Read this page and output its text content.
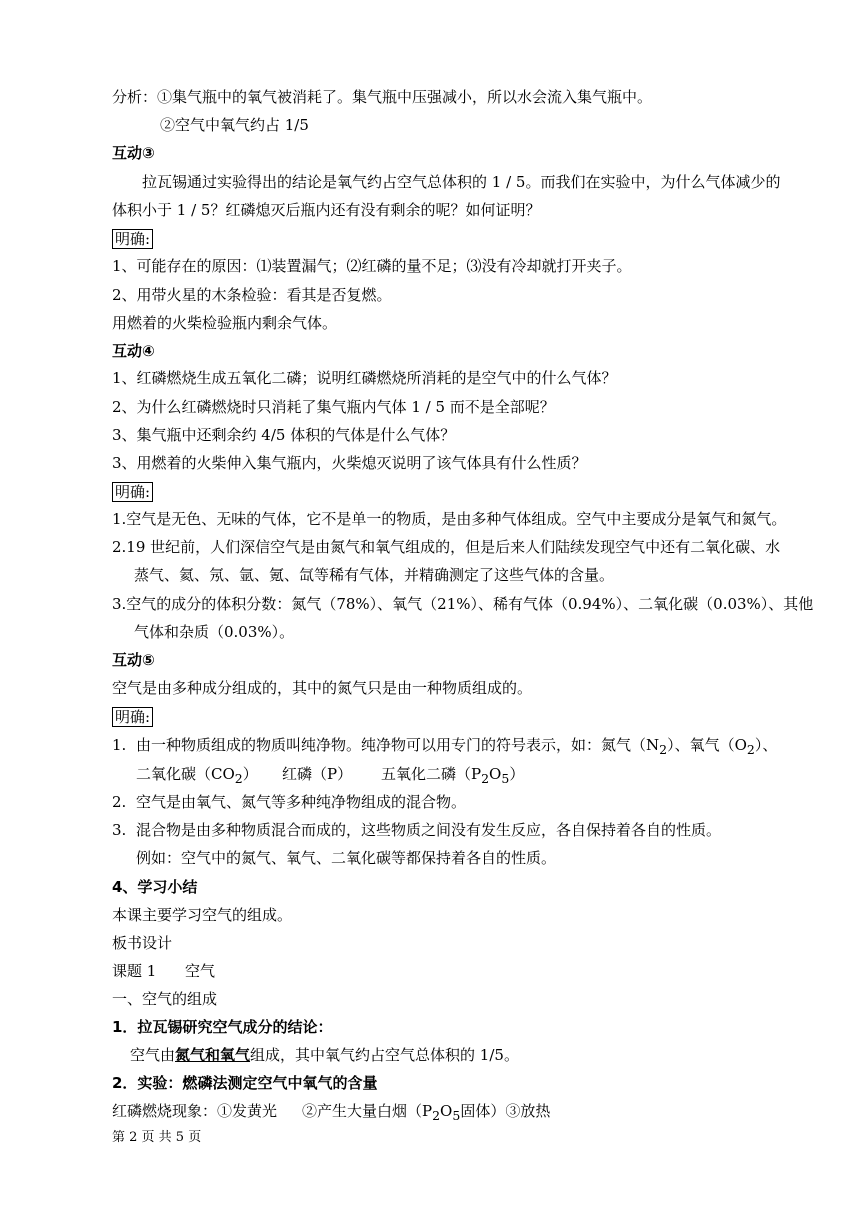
分析：①集气瓶中的氧气被消耗了。集气瓶中压强减小，所以水会流入集气瓶中。
②空气中氧气约占 1/5
互动③
拉瓦锡通过实验得出的结论是氧气约占空气总体积的 1 / 5。而我们在实验中，为什么气体减少的
体积小于 1 / 5？红磷熄灭后瓶内还有没有剩余的呢？如何证明？
明确:
1、可能存在的原因：⑴装置漏气；⑵红磷的量不足；⑶没有冷却就打开夹子。
2、用带火星的木条检验：看其是否复燃。
用燃着的火柴检验瓶内剩余气体。
互动④
1、红磷燃烧生成五氧化二磷；说明红磷燃烧所消耗的是空气中的什么气体？
2、为什么红磷燃烧时只消耗了集气瓶内气体 1 / 5 而不是全部呢？
3、集气瓶中还剩余约 4/5 体积的气体是什么气体？
3、用燃着的火柴伸入集气瓶内，火柴熄灭说明了该气体具有什么性质？
明确:
1.空气是无色、无味的气体，它不是单一的物质，是由多种气体组成。空气中主要成分是氧气和氮气。
2.19 世纪前，人们深信空气是由氮气和氧气组成的，但是后来人们陆续发现空气中还有二氧化碳、水
蒸气、氦、氖、氩、氪、氙等稀有气体，并精确测定了这些气体的含量。
3.空气的成分的体积分数：氮气（78%）、氧气（21%）、稀有气体（0.94%）、二氧化碳（0.03%）、其他
气体和杂质（0.03%）。
互动⑤
空气是由多种成分组成的，其中的氮气只是由一种物质组成的。
明确:
1. 由一种物质组成的物质叫纯净物。纯净物可以用专门的符号表示，如：氮气$(N_2)$、氧气$(O_2)$、
二氧化碳$(CO_2)$ 红磷（P） 五氧化二磷$(P_2O_5)$
2. 空气是由氧气、氮气等多种纯净物组成的混合物。
3. 混合物是由多种物质混合而成的，这些物质之间没有发生反应，各自保持着各自的性质。
例如：空气中的氮气、氧气、二氧化碳等都保持着各自的性质。
4、学习小结
本课主要学习空气的组成。
板书设计
课题 1 空气
一、空气的组成
1．拉瓦锡研究空气成分的结论：
空气由氮气和氧气组成，其中氧气约占空气总体积的 1/5。
2．实验：燃磷法测定空气中氧气的含量
红磷燃烧现象：①发黄光 ②产生大量白烟（$P_2O_5$固体）③放热
第 2 页 共 5 页
